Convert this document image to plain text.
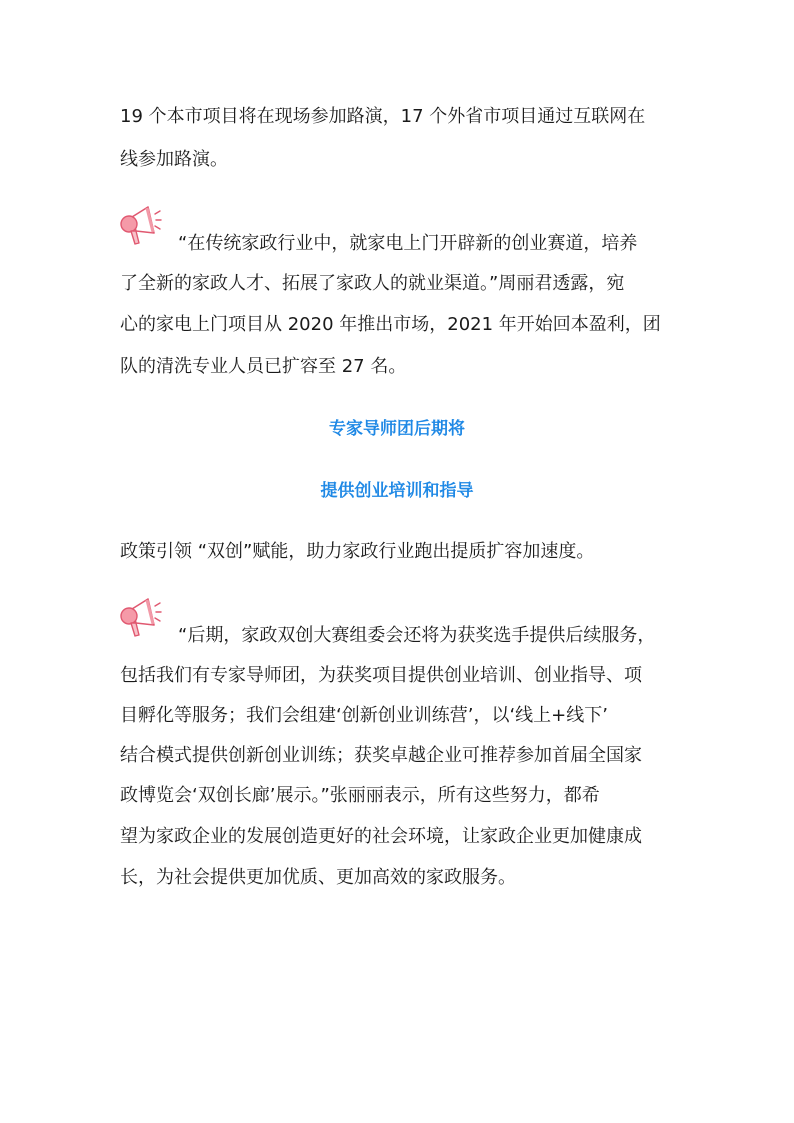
19 个本市项目将在现场参加路演，17 个外省市项目通过互联网在
线参加路演。
“在传统家政行业中，就家电上门开辟新的创业赛道，培养
了全新的家政人才、拓展了家政人的就业渠道。”周丽君透露，宛
心的家电上门项目从 2020 年推出市场，2021 年开始回本盈利，团
队的清洗专业人员已扩容至 27 名。
专家导师团后期将
提供创业培训和指导
政策引领 “双创”赋能，助力家政行业跑出提质扩容加速度。
“后期，家政双创大赛组委会还将为获奖选手提供后续服务，
包括我们有专家导师团，为获奖项目提供创业培训、创业指导、项
目孵化等服务；我们会组建‘创新创业训练营’，以‘线上+线下’
结合模式提供创新创业训练；获奖卓越企业可推荐参加首届全国家
政博览会‘双创长廊’展示。”张丽丽表示，所有这些努力，都希
望为家政企业的发展创造更好的社会环境，让家政企业更加健康成
长，为社会提供更加优质、更加高效的家政服务。
